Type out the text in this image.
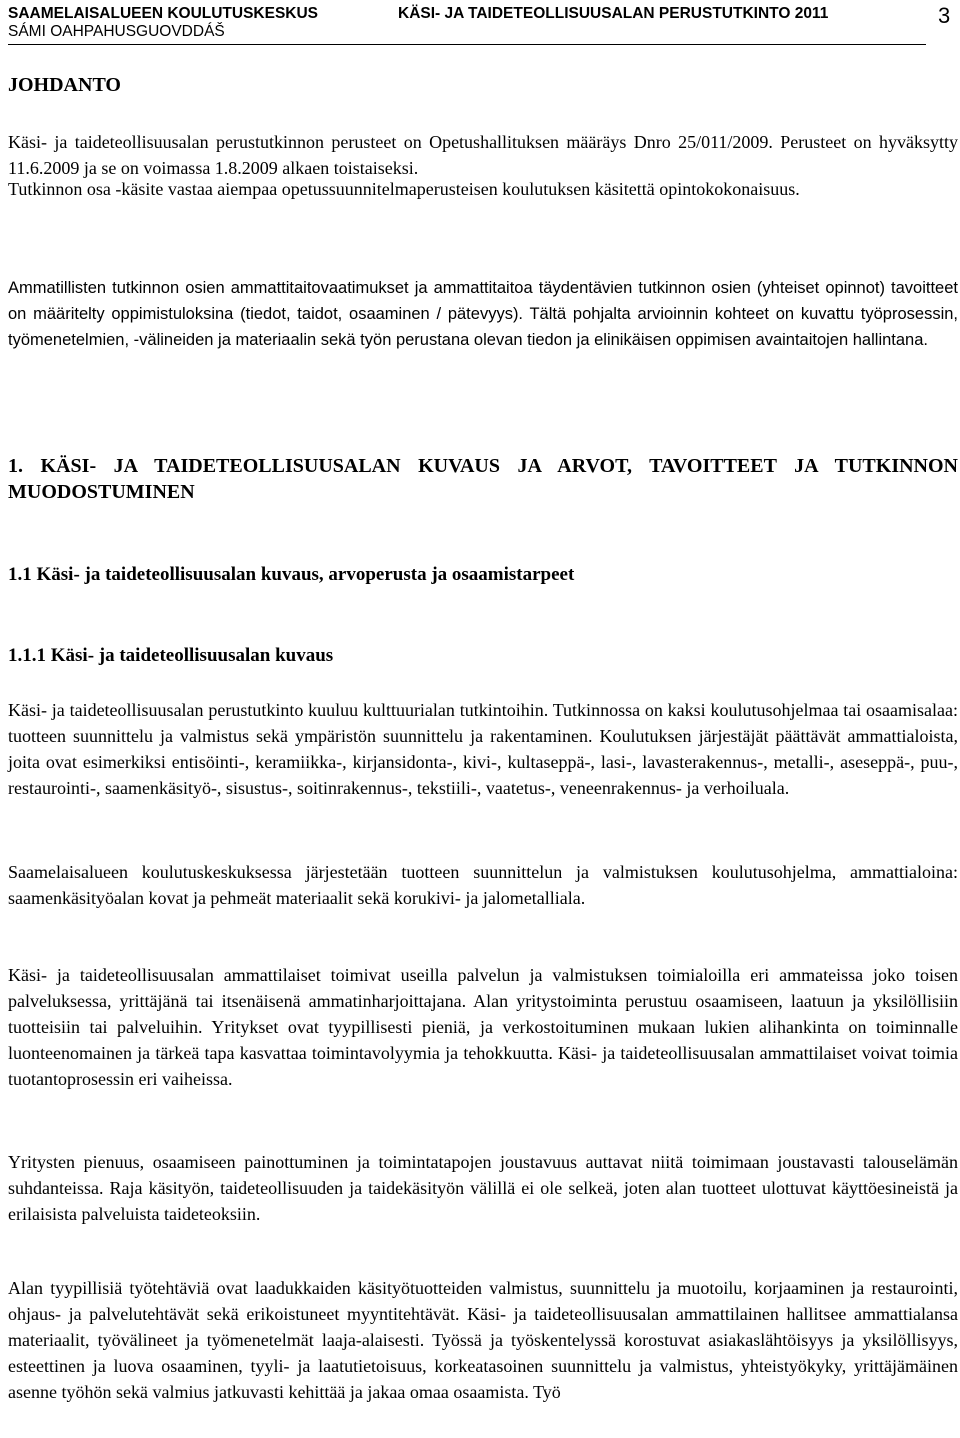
SAAMELAISALUEEN KOULUTUSKESKUS
SÁMI OAHPAHUSGUOVDDÁŠ
KÄSI- JA TAIDETEOLLISUUSALAN PERUSTUTKINTO 2011	3
JOHDANTO

Käsi- ja taideteollisuusalan perustutkinnon perusteet on Opetushallituksen määräys Dnro 25/011/2009. Perusteet on hyväksytty 11.6.2009 ja se on voimassa 1.8.2009 alkaen toistaiseksi.

Tutkinnon osa -käsite vastaa aiempaa opetussuunnitelmaperusteisen koulutuksen käsitettä opintokokonaisuus.

Ammatillisten tutkinnon osien ammattitaitovaatimukset ja ammattitaitoa täydentävien tutkinnon osien (yhteiset opinnot) tavoitteet on määritelty oppimistuloksina (tiedot, taidot, osaaminen / pätevyys). Tältä pohjalta arvioinnin kohteet on kuvattu työprosessin, työmenetelmien, -välineiden ja materiaalin sekä työn perustana olevan tiedon ja elinikäisen oppimisen avaintaitojen hallintana.

1. KÄSI- JA TAIDETEOLLISUUSALAN KUVAUS JA ARVOT, TAVOITTEET JA TUTKINNON MUODOSTUMINEN
1.1 Käsi- ja taideteollisuusalan kuvaus, arvoperusta ja osaamistarpeet
1.1.1 Käsi- ja taideteollisuusalan kuvaus

Käsi- ja taideteollisuusalan perustutkinto kuuluu kulttuurialan tutkintoihin. Tutkinnossa on kaksi koulutusohjelmaa tai osaamisalaa: tuotteen suunnittelu ja valmistus sekä ympäristön suunnittelu ja rakentaminen. Koulutuksen järjestäjät päättävät ammattialoista, joita ovat esimerkiksi entisöinti-, keramiikka-, kirjansidonta-, kivi-, kultaseppä-, lasi-, lavasterakennus-, metalli-, aseseppä-, puu-, restaurointi-, saamenkäsityö-, sisustus-, soitinrakennus-, tekstiili-, vaatetus-, veneenrakennus- ja verhoiluala.

Saamelaisalueen koulutuskeskuksessa järjestetään tuotteen suunnittelun ja valmistuksen koulutusohjelma, ammattialoina: saamenkäsityöalan kovat ja pehmeät materiaalit sekä korukivi- ja jalometalliala.

Käsi- ja taideteollisuusalan ammattilaiset toimivat useilla palvelun ja valmistuksen toimialoilla eri ammateissa joko toisen palveluksessa, yrittäjänä tai itsenäisenä ammatinharjoittajana. Alan yritystoiminta perustuu osaamiseen, laatuun ja yksilöllisiin tuotteisiin tai palveluihin. Yritykset ovat tyypillisesti pieniä, ja verkostoituminen mukaan lukien alihankinta on toiminnalle luonteenomainen ja tärkeä tapa kasvattaa toimintavolyymia ja tehokkuutta. Käsi- ja taideteollisuusalan ammattilaiset voivat toimia tuotantoprosessin eri vaiheissa.

Yritysten pienuus, osaamiseen painottuminen ja toimintatapojen joustavuus auttavat niitä toimimaan joustavasti talouselämän suhdanteissa. Raja käsityön, taideteollisuuden ja taidekäsityön välillä ei ole selkeä, joten alan tuotteet ulottuvat käyttöesineistä ja erilaisista palveluista taideteoksiin.

Alan tyypillisiä työtehtäviä ovat laadukkaiden käsityötuotteiden valmistus, suunnittelu ja muotoilu, korjaaminen ja restaurointi, ohjaus- ja palvelutehtävät sekä erikoistuneet myyntitehtävät. Käsi- ja taideteollisuusalan ammattilainen hallitsee ammattialansa materiaalit, työvälineet ja työmenetelmät laaja-alaisesti. Työssä ja työskentelyssä korostuvat asiakaslähtöisyys ja yksilöllisyys, esteettinen ja luova osaaminen, tyyli- ja laatutietoisuus, korkeatasoinen suunnittelu ja valmistus, yhteistyökyky, yrittäjämäinen asenne työhön sekä valmius jatkuvasti kehittää ja jakaa omaa osaamista. Työ
